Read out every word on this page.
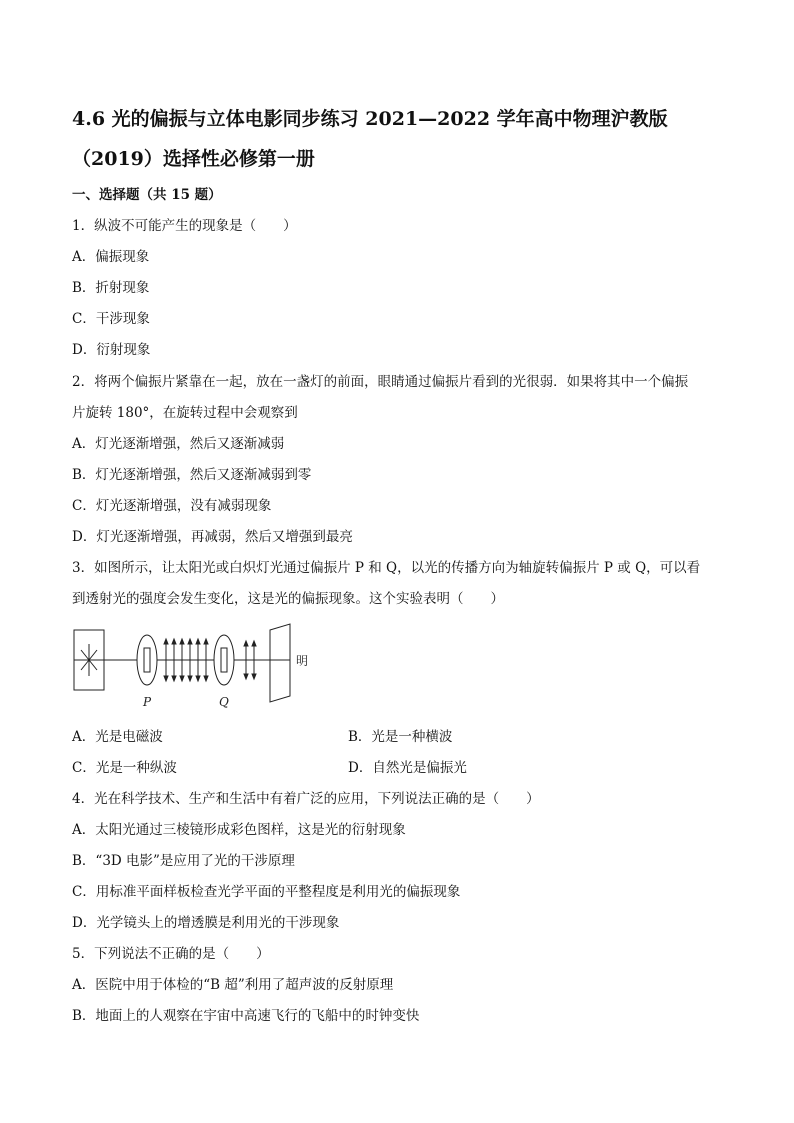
4.6 光的偏振与立体电影同步练习 2021—2022 学年高中物理沪教版
（2019）选择性必修第一册
一、选择题（共 15 题）
1．纵波不可能产生的现象是（　　）
A．偏振现象
B．折射现象
C．干涉现象
D．衍射现象
2．将两个偏振片紧靠在一起，放在一盏灯的前面，眼睛通过偏振片看到的光很弱．如果将其中一个偏振
片旋转 180°，在旋转过程中会观察到
A．灯光逐渐增强，然后又逐渐减弱
B．灯光逐渐增强，然后又逐渐减弱到零
C．灯光逐渐增强，没有减弱现象
D．灯光逐渐增强，再减弱，然后又增强到最亮
3．如图所示，让太阳光或白炽灯光通过偏振片 P 和 Q，以光的传播方向为轴旋转偏振片 P 或 Q，可以看
到透射光的强度会发生变化，这是光的偏振现象。这个实验表明（　　）
明
P	Q
A．光是电磁波	B．光是一种横波
C．光是一种纵波	D．自然光是偏振光
4．光在科学技术、生产和生活中有着广泛的应用，下列说法正确的是（　　）
A．太阳光通过三棱镜形成彩色图样，这是光的衍射现象
B．“3D 电影”是应用了光的干涉原理
C．用标准平面样板检查光学平面的平整程度是利用光的偏振现象
D．光学镜头上的增透膜是利用光的干涉现象
5．下列说法不正确的是（　　）
A．医院中用于体检的“B 超”利用了超声波的反射原理
B．地面上的人观察在宇宙中高速飞行的飞船中的时钟变快
